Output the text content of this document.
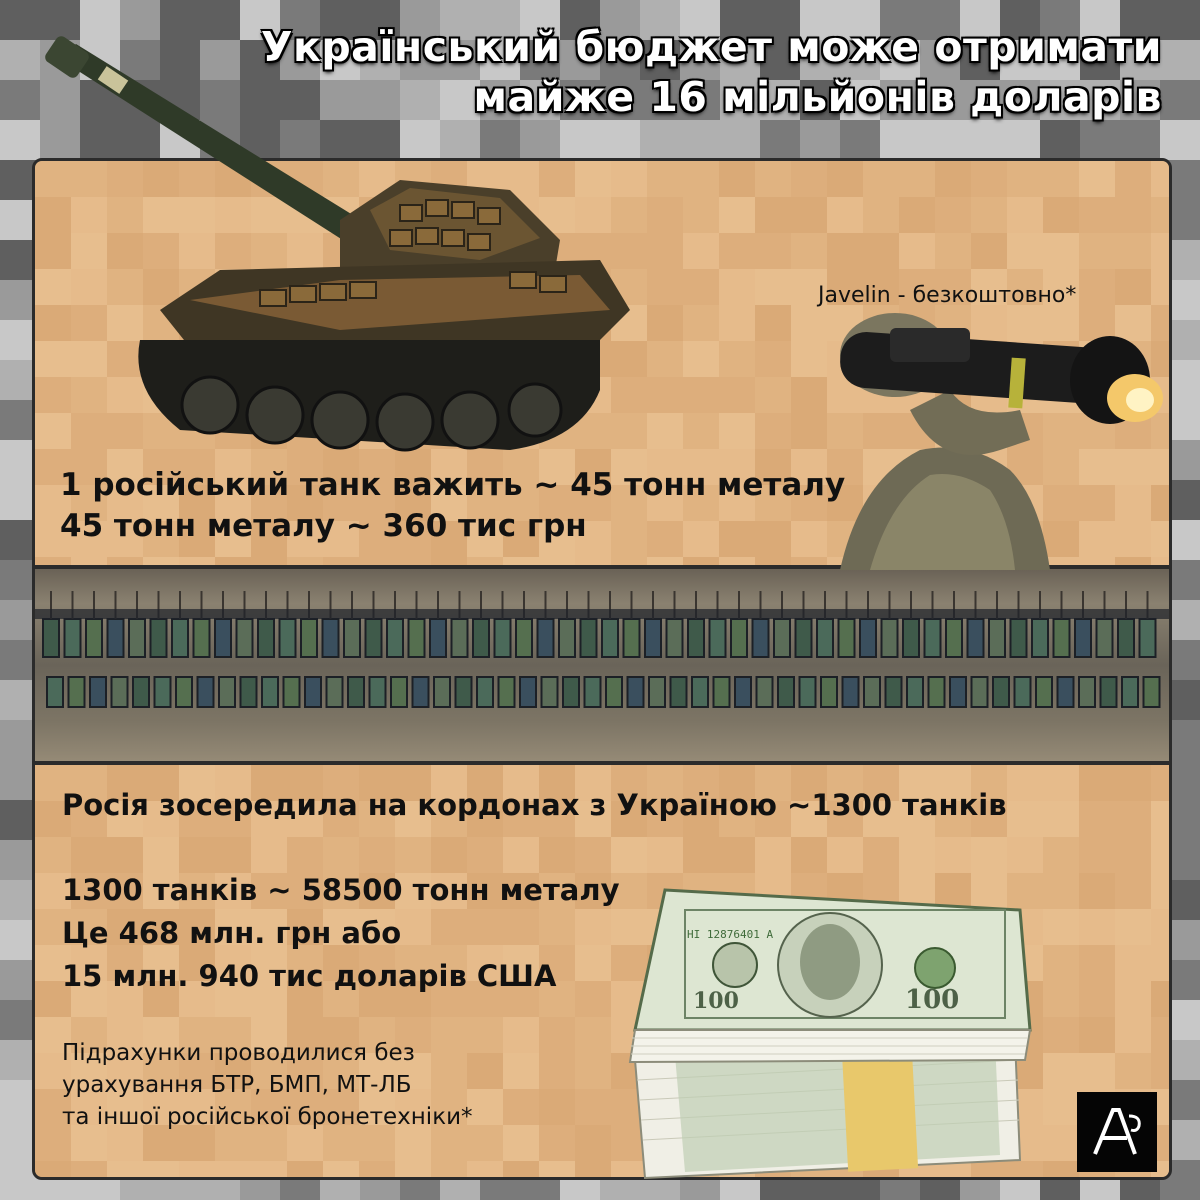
Український бюджет може отримати
майже 16 мільйонів доларів
Javelin - безкоштовно*
1 російський танк важить ~ 45 тонн металу
45 тонн металу ~ 360 тис грн
Росія зосередила на кордонах з Україною ~1300 танків
1300 танків ~ 58500 тонн металу
Це 468 млн. грн або
15 млн. 940 тис доларів США
Підрахунки проводилися без
урахування БТР, БМП, МТ-ЛБ
та іншої російської бронетехніки*
HI 12876401 A
100
100
